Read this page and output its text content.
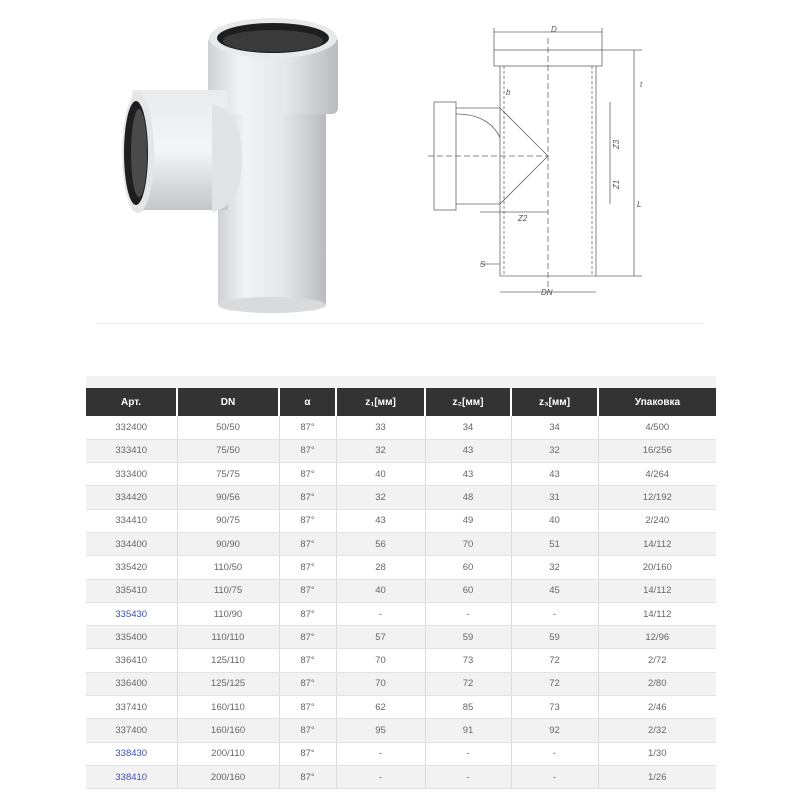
D
b
t
Z3
Z1
Z2
L
S
DN
Арт.	DN	α	z₁[мм]	z₂[мм]	z₃[мм]	Упаковка
332400	50/50	87°	33	34	34	4/500
333410	75/50	87°	32	43	32	16/256
333400	75/75	87°	40	43	43	4/264
334420	90/56	87°	32	48	31	12/192
334410	90/75	87°	43	49	40	2/240
334400	90/90	87°	56	70	51	14/112
335420	110/50	87°	28	60	32	20/160
335410	110/75	87°	40	60	45	14/112
335430	110/90	87°	-	-	-	14/112
335400	110/110	87°	57	59	59	12/96
336410	125/110	87°	70	73	72	2/72
336400	125/125	87°	70	72	72	2/80
337410	160/110	87°	62	85	73	2/46
337400	160/160	87°	95	91	92	2/32
338430	200/110	87°	-	-	-	1/30
338410	200/160	87°	-	-	-	1/26
